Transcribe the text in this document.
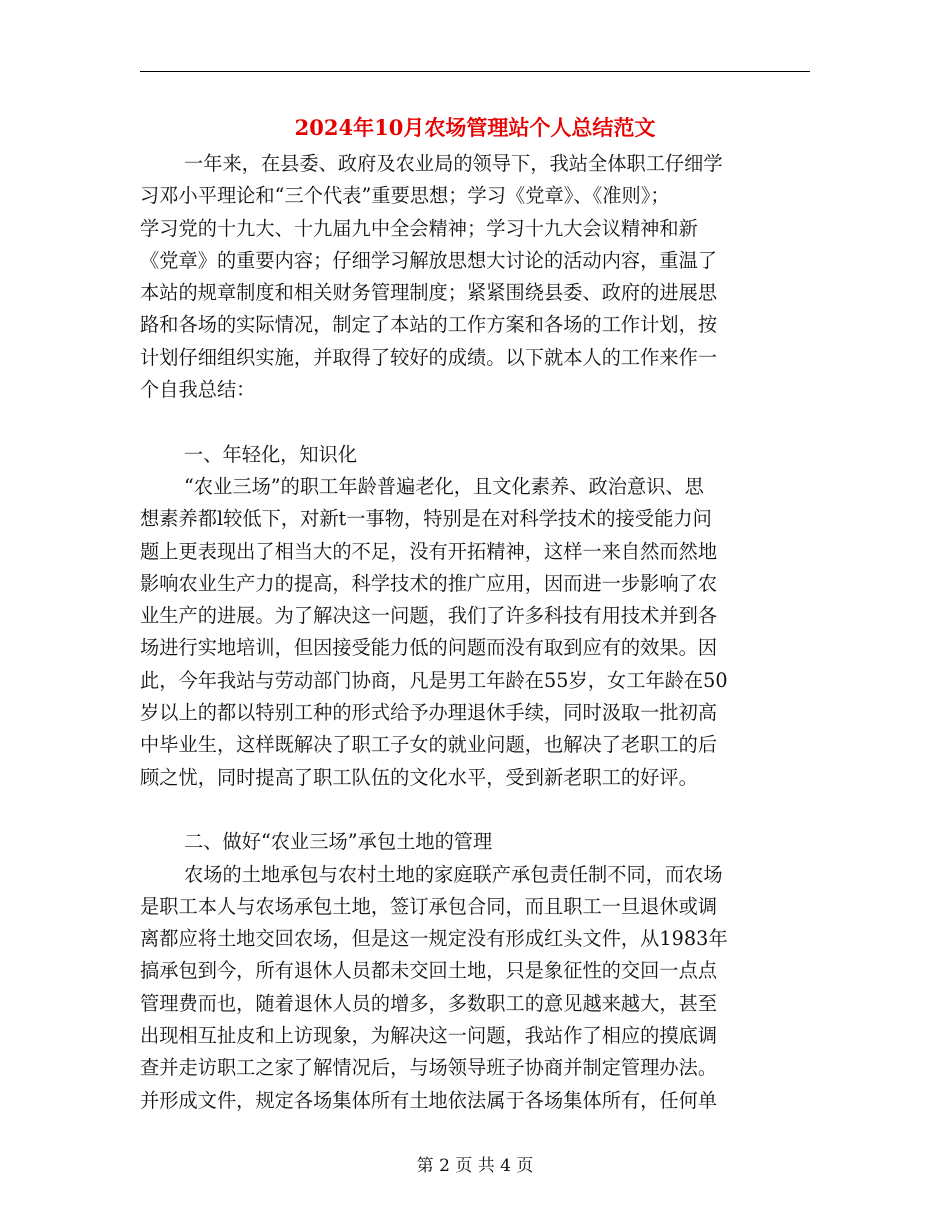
2024年10月农场管理站个人总结范文
一年来，在县委、政府及农业局的领导下，我站全体职工仔细学
习邓小平理论和“三个代表”重要思想；学习《党章》、《准则》；
学习党的十九大、十九届九中全会精神；学习十九大会议精神和新
《党章》的重要内容；仔细学习解放思想大讨论的活动内容，重温了
本站的规章制度和相关财务管理制度；紧紧围绕县委、政府的进展思
路和各场的实际情况，制定了本站的工作方案和各场的工作计划，按
计划仔细组织实施，并取得了较好的成绩。以下就本人的工作来作一
个自我总结：
一、年轻化，知识化
“农业三场”的职工年龄普遍老化，且文化素养、政治意识、思
想素养都l较低下，对新t一事物，特别是在对科学技术的接受能力问
题上更表现出了相当大的不足，没有开拓精神，这样一来自然而然地
影响农业生产力的提高，科学技术的推广应用，因而进一步影响了农
业生产的进展。为了解决这一问题，我们了许多科技有用技术并到各
场进行实地培训，但因接受能力低的问题而没有取到应有的效果。因
此，今年我站与劳动部门协商，凡是男工年龄在55岁，女工年龄在50
岁以上的都以特别工种的形式给予办理退休手续，同时汲取一批初高
中毕业生，这样既解决了职工子女的就业问题，也解决了老职工的后
顾之忧，同时提高了职工队伍的文化水平，受到新老职工的好评。
二、做好“农业三场”承包土地的管理
农场的土地承包与农村土地的家庭联产承包责任制不同，而农场
是职工本人与农场承包土地，签订承包合同，而且职工一旦退休或调
离都应将土地交回农场，但是这一规定没有形成红头文件，从1983年
搞承包到今，所有退休人员都未交回土地，只是象征性的交回一点点
管理费而也，随着退休人员的增多，多数职工的意见越来越大，甚至
出现相互扯皮和上访现象，为解决这一问题，我站作了相应的摸底调
查并走访职工之家了解情况后，与场领导班子协商并制定管理办法。
并形成文件，规定各场集体所有土地依法属于各场集体所有，任何单
第 2 页 共 4 页
